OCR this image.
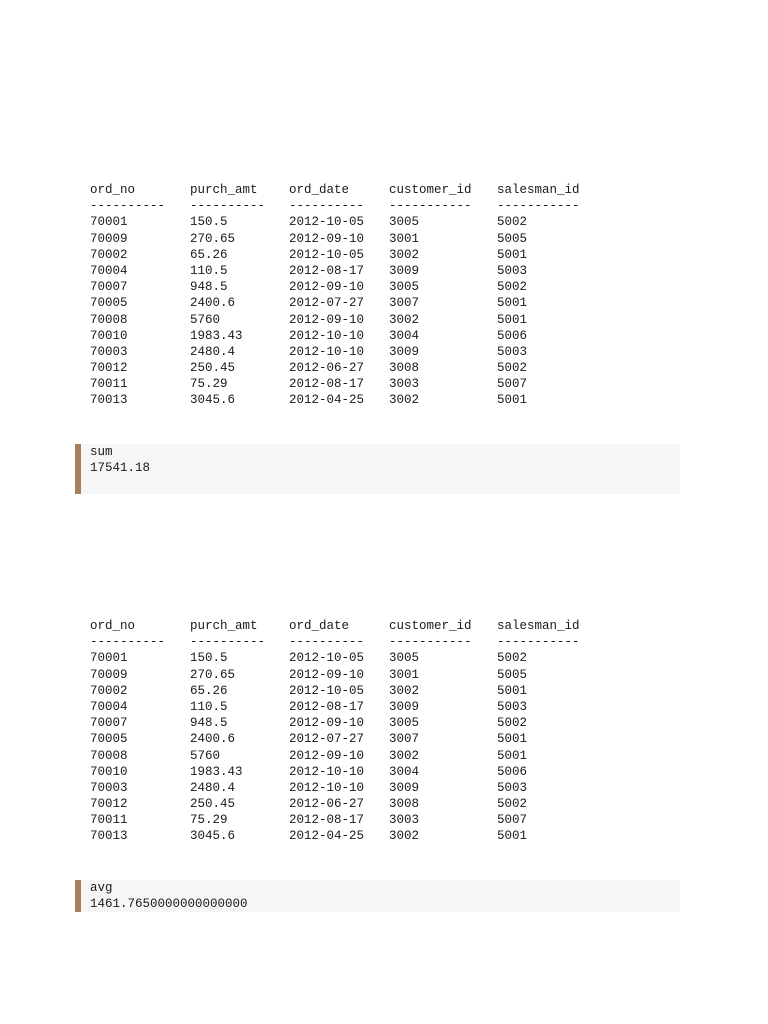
ord_no	purch_amt	ord_date	customer_id	salesman_id
----------	----------	----------	-----------	-----------
70001	150.5	2012-10-05	3005	5002
70009	270.65	2012-09-10	3001	5005
70002	65.26	2012-10-05	3002	5001
70004	110.5	2012-08-17	3009	5003
70007	948.5	2012-09-10	3005	5002
70005	2400.6	2012-07-27	3007	5001
70008	5760	2012-09-10	3002	5001
70010	1983.43	2012-10-10	3004	5006
70003	2480.4	2012-10-10	3009	5003
70012	250.45	2012-06-27	3008	5002
70011	75.29	2012-08-17	3003	5007
70013	3045.6	2012-04-25	3002	5001
sum
17541.18
ord_no	purch_amt	ord_date	customer_id	salesman_id
----------	----------	----------	-----------	-----------
70001	150.5	2012-10-05	3005	5002
70009	270.65	2012-09-10	3001	5005
70002	65.26	2012-10-05	3002	5001
70004	110.5	2012-08-17	3009	5003
70007	948.5	2012-09-10	3005	5002
70005	2400.6	2012-07-27	3007	5001
70008	5760	2012-09-10	3002	5001
70010	1983.43	2012-10-10	3004	5006
70003	2480.4	2012-10-10	3009	5003
70012	250.45	2012-06-27	3008	5002
70011	75.29	2012-08-17	3003	5007
70013	3045.6	2012-04-25	3002	5001
avg
1461.7650000000000000
